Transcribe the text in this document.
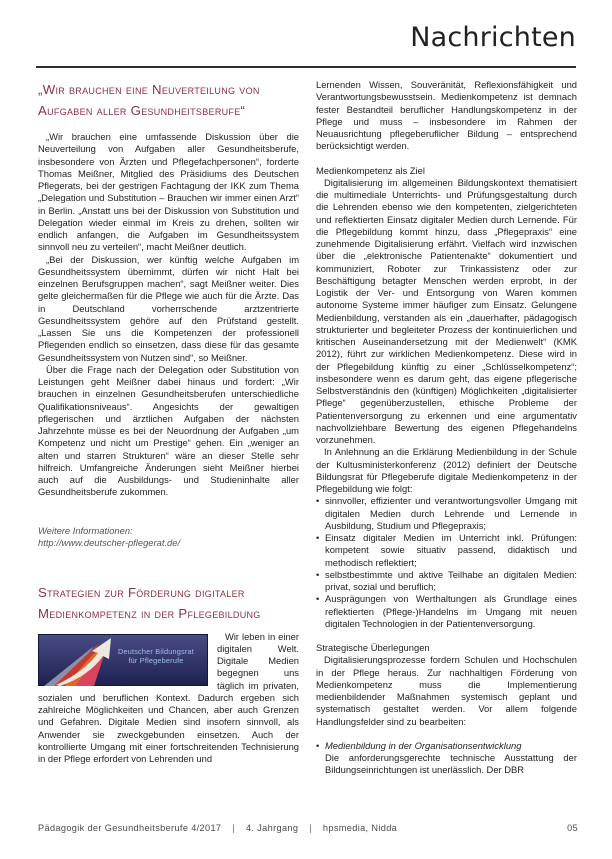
Nachrichten
„Wir brauchen eine Neuverteilung von Aufgaben aller Gesundheitsberufe“

„Wir brauchen eine umfassende Diskussion über die Neuverteilung von Aufgaben aller Gesundheitsberufe, insbesondere von Ärzten und Pflegefachpersonen“, forderte Thomas Meißner, Mitglied des Präsidiums des Deutschen Pflegerats, bei der gestrigen Fachtagung der IKK zum Thema „Delegation und Substitution – Brauchen wir immer einen Arzt“ in Berlin. „Anstatt uns bei der Diskussion von Substitution und Delegation wieder einmal im Kreis zu drehen, sollten wir endlich anfangen, die Aufgaben im Gesundheitssystem sinnvoll neu zu verteilen“, macht Meißner deutlich.

„Bei der Diskussion, wer künftig welche Aufgaben im Gesundheitssystem übernimmt, dürfen wir nicht Halt bei einzelnen Berufsgruppen machen“, sagt Meißner weiter. Dies gelte gleichermaßen für die Pflege wie auch für die Ärzte. Das in Deutschland vorherrschende arztzentrierte Gesundheitssystem gehöre auf den Prüfstand gestellt. „Lassen Sie uns die Kompetenzen der professionell Pflegenden endlich so einsetzen, dass diese für das gesamte Gesundheitssystem von Nutzen sind“, so Meißner.

Über die Frage nach der Delegation oder Substitution von Leistungen geht Meißner dabei hinaus und fordert: „Wir brauchen in einzelnen Gesundheitsberufen unterschiedliche Qualifikationsniveaus“. Angesichts der gewaltigen pflegerischen und ärztlichen Aufgaben der nächsten Jahrzehnte müsse es bei der Neuordnung der Aufgaben „um Kompetenz und nicht um Prestige“ gehen. Ein „weniger an alten und starren Strukturen“ wäre an dieser Stelle sehr hilfreich. Umfangreiche Änderungen sieht Meißner hierbei auch auf die Ausbildungs- und Studieninhalte aller Gesundheitsberufe zukommen.

Weitere Informationen:
http://www.deutscher-pflegerat.de/
Strategien zur Förderung digitaler Medienkompetenz in der Pflegebildung
Deutscher Bildungsrat
für Pflegeberufe

Wir leben in einer digitalen Welt. Digitale Medien begegnen uns täglich im privaten, sozialen und beruflichen Kontext. Dadurch ergeben sich zahlreiche Möglichkeiten und Chancen, aber auch Grenzen und Gefahren. Digitale Medien sind insofern sinnvoll, als Anwender sie zweckgebunden einsetzen. Auch der kontrollierte Umgang mit einer fortschreitenden Technisierung in der Pflege erfordert von Lehrenden und

Lernenden Wissen, Souveränität, Reflexionsfähigkeit und Verantwortungsbewusstsein. Medienkompetenz ist demnach fester Bestandteil beruflicher Handlungskompetenz in der Pflege und muss – insbesondere im Rahmen der Neuausrichtung pflegeberuflicher Bildung – entsprechend berücksichtigt werden.

Medienkompetenz als Ziel

Digitalisierung im allgemeinen Bildungskontext thematisiert die multimediale Unterrichts- und Prüfungsgestaltung durch die Lehrenden ebenso wie den kompetenten, zielgerichteten und reflektierten Einsatz digitaler Medien durch Lernende. Für die Pflegebildung kommt hinzu, dass „Pflegepraxis“ eine zunehmende Digitalisierung erfährt. Vielfach wird inzwischen über die „elektronische Patientenakte“ dokumentiert und kommuniziert, Roboter zur Trinkassistenz oder zur Beschäftigung betagter Menschen werden erprobt, in der Logistik der Ver- und Entsorgung von Waren kommen autonome Systeme immer häufiger zum Einsatz. Gelungene Medienbildung, verstanden als ein „dauerhafter, pädagogisch strukturierter und begleiteter Prozess der kontinuierlichen und kritischen Auseinandersetzung mit der Medienwelt“ (KMK 2012), führt zur wirklichen Medienkompetenz. Diese wird in der Pflegebildung künftig zu einer „Schlüsselkompetenz“; insbesondere wenn es darum geht, das eigene pflegerische Selbstverständnis den (künftigen) Möglichkeiten „digitalisierter Pflege“ gegenüberzustellen, ethische Probleme der Patientenversorgung zu erkennen und eine argumentativ nachvollziehbare Bewertung des eigenen Pflegehandelns vorzunehmen.

In Anlehnung an die Erklärung Medienbildung in der Schule der Kultusministerkonferenz (2012) definiert der Deutsche Bildungsrat für Pflegeberufe digitale Medienkompetenz in der Pflegebildung wie folgt:

• sinnvoller, effizienter und verantwortungsvoller Umgang mit digitalen Medien durch Lehrende und Lernende in Ausbildung, Studium und Pflegepraxis;
• Einsatz digitaler Medien im Unterricht inkl. Prüfungen: kompetent sowie situativ passend, didaktisch und methodisch reflektiert;
• selbstbestimmte und aktive Teilhabe an digitalen Medien: privat, sozial und beruflich;
• Ausprägungen von Werthaltungen als Grundlage eines reflektierten (Pflege-)Handelns im Umgang mit neuen digitalen Technologien in der Patientenversorgung.
Strategische Überlegungen

Digitalisierungsprozesse fordern Schulen und Hochschulen in der Pflege heraus. Zur nachhaltigen Förderung von Medienkompetenz muss die Implementierung medienbildender Maßnahmen systemisch geplant und systematisch gestaltet werden. Vor allem folgende Handlungsfelder sind zu bearbeiten:

• Medienbildung in der Organisationsentwicklung
Die anforderungsgerechte technische Ausstattung der Bildungseinrichtungen ist unerlässlich. Der DBR
Pädagogik der Gesundheitsberufe 4/2017 | 4. Jahrgang | hpsmedia, Nidda	05
